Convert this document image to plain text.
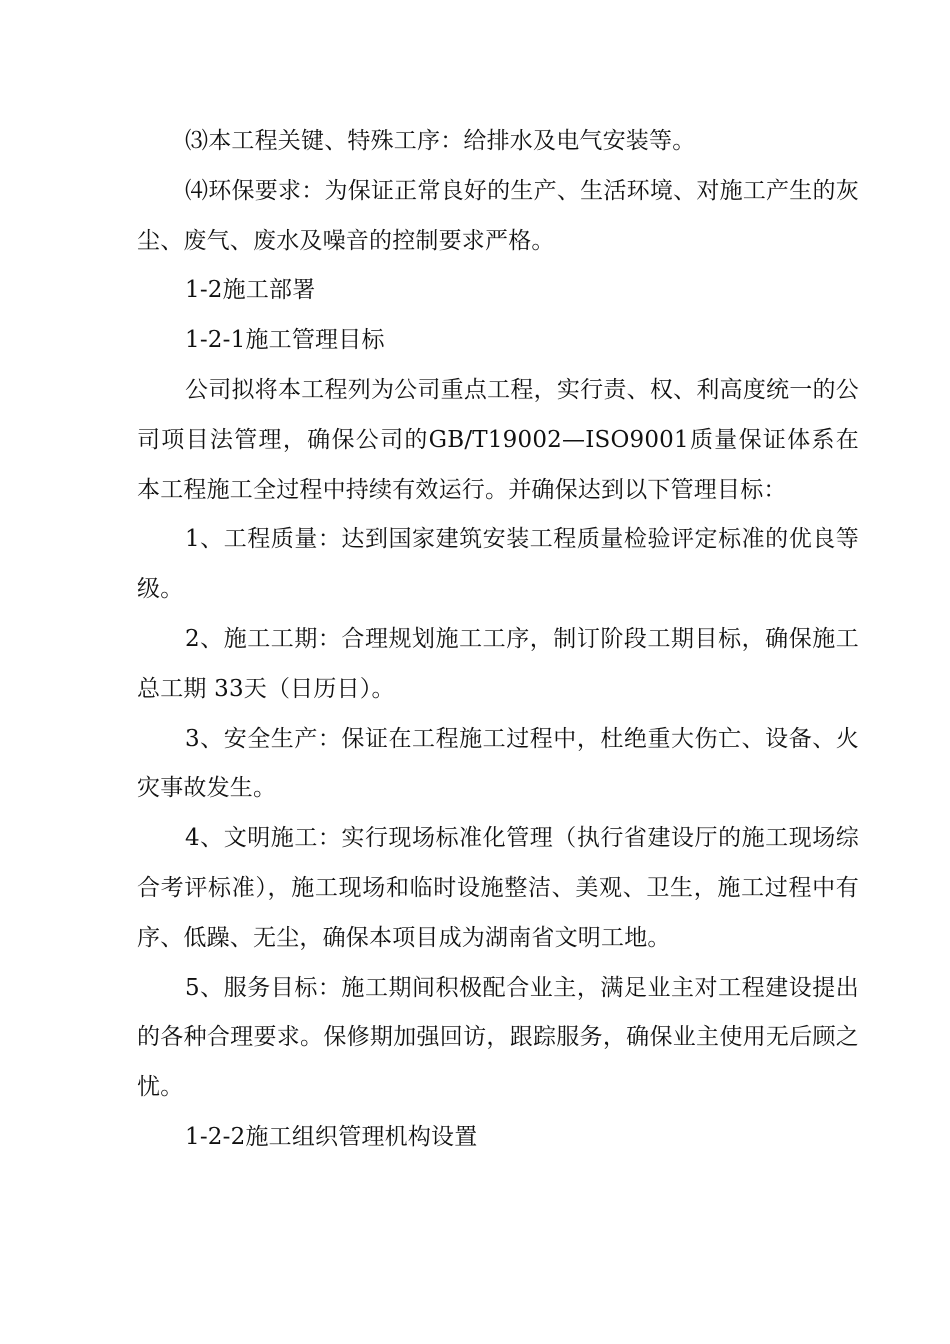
⑶本工程关键、特殊工序：给排水及电气安装等。

⑷环保要求：为保证正常良好的生产、生活环境、对施工产生的灰尘、废气、废水及噪音的控制要求严格。

1-2施工部署

1-2-1施工管理目标

公司拟将本工程列为公司重点工程，实行责、权、利高度统一的公司项目法管理，确保公司的GB/T19002—ISO9001质量保证体系在本工程施工全过程中持续有效运行。并确保达到以下管理目标：

1、工程质量：达到国家建筑安装工程质量检验评定标准的优良等级。

2、施工工期：合理规划施工工序，制订阶段工期目标，确保施工总工期 33天（日历日）。

3、安全生产：保证在工程施工过程中，杜绝重大伤亡、设备、火灾事故发生。

4、文明施工：实行现场标准化管理（执行省建设厅的施工现场综合考评标准），施工现场和临时设施整洁、美观、卫生，施工过程中有序、低躁、无尘，确保本项目成为湖南省文明工地。

5、服务目标：施工期间积极配合业主，满足业主对工程建设提出的各种合理要求。保修期加强回访，跟踪服务，确保业主使用无后顾之忧。

1-2-2施工组织管理机构设置
